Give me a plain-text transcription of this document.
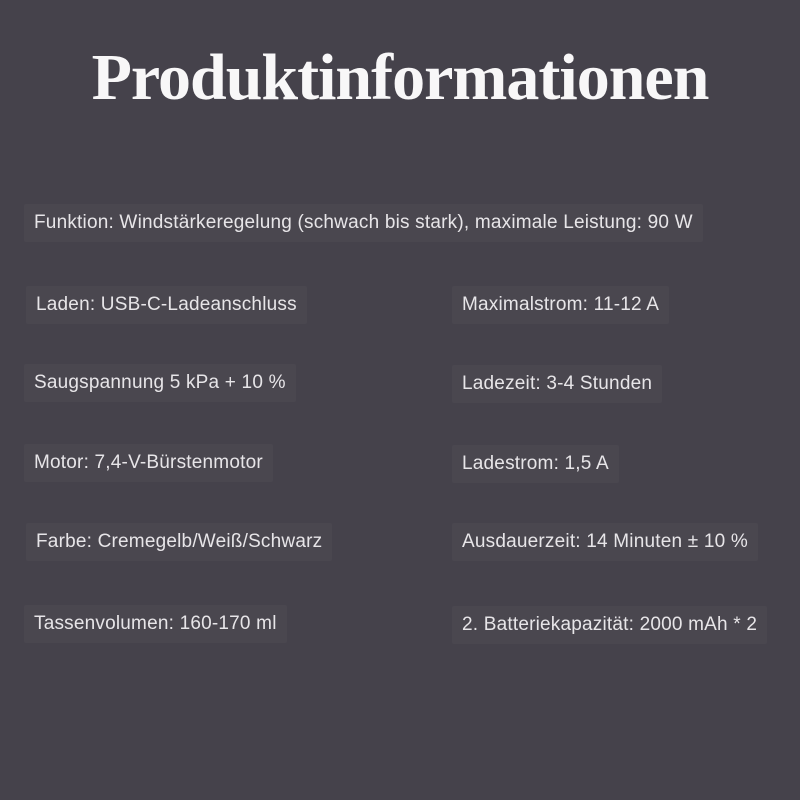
Produktinformationen
Funktion: Windstärkeregelung (schwach bis stark), maximale Leistung: 90 W
Laden: USB-C-Ladeanschluss
Saugspannung 5 kPa + 10 %
Motor: 7,4-V-Bürstenmotor
Farbe: Cremegelb/Weiß/Schwarz
Tassenvolumen: 160-170 ml
Maximalstrom: 11-12 A
Ladezeit: 3-4 Stunden
Ladestrom: 1,5 A
Ausdauerzeit: 14 Minuten ± 10 %
2. Batteriekapazität: 2000 mAh * 2
